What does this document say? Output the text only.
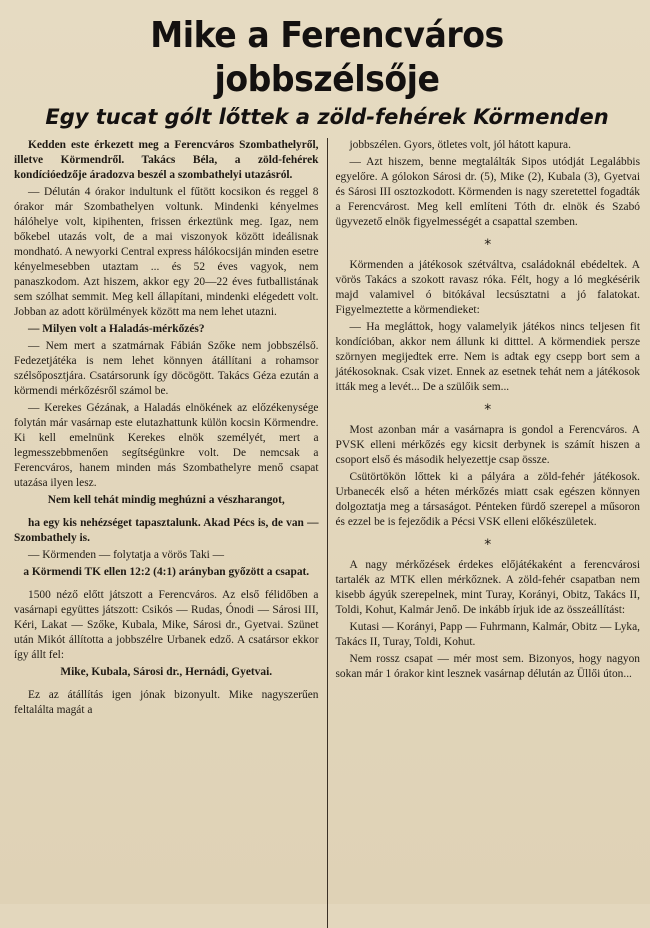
Mike a Ferencváros jobbszélsője
Egy tucat gólt lőttek a zöld-fehérek Körmenden

Kedden este érkezett meg a Ferencváros Szombathelyről, illetve Körmendről. Takács Béla, a zöld-fehérek kondícióedzője áradozva beszél a szombathelyi utazásról.

— Délután 4 órakor indultunk el fűtött kocsikon és reggel 8 órakor már Szombathelyen voltunk. Mindenki kényelmes hálóhelye volt, kipihenten, frissen érkeztünk meg. Igaz, nem bőkebel utazás volt, de a mai viszonyok között ideálisnak mondható. A newyorki Central express hálókocsiján minden esetre kényelmesebben utaztam ... és 52 éves vagyok, nem panaszkodom. Azt hiszem, akkor egy 20—22 éves futballistának sem szólhat semmit. Meg kell állapítani, mindenki elégedett volt. Jobban az adott körülmények között ma nem lehet utazni.

— Milyen volt a Haladás-mérkőzés?

— Nem mert a szatmárnak Fábián Szőke nem jobbszélső. Fedezetjátéka is nem lehet könnyen átállítani a rohamsor szélsőposztjára. Csatársorunk így döcögött. Takács Géza ezután a körmendi mérkőzésről számol be.

— Kerekes Gézának, a Haladás elnökének az előzékenysége folytán már vasárnap este elutazhattunk külön kocsin Körmendre. Ki kell emelnünk Kerekes elnök személyét, mert a legmesszebbmenően segítségünkre volt. De nemcsak a Ferencváros, hanem minden más Szombathelyre menő csapat utazása ilyen lesz.

Nem kell tehát mindig meghúzni a vészharangot,

ha egy kis nehézséget tapasztalunk. Akad Pécs is, de van — Szombathely is.

— Körmenden — folytatja a vörös Taki —

a Körmendi TK ellen 12:2 (4:1) arányban győzött a csapat.

1500 néző előtt játszott a Ferencváros. Az első félidőben a vasárnapi együttes játszott: Csikós — Rudas, Ónodi — Sárosi III, Kéri, Lakat — Szőke, Kubala, Mike, Sárosi dr., Gyetvai. Szünet után Mikót állította a jobbszélre Urbanek edző. A csatársor ekkor így állt fel:

Mike, Kubala, Sárosi dr., Hernádi, Gyetvai.

Ez az átállítás igen jónak bizonyult. Mike nagyszerűen feltalálta magát a

jobbszélen. Gyors, ötletes volt, jól hátott kapura.

— Azt hiszem, benne megtalálták Sipos utódját Legalábbis egyelőre. A gólokon Sárosi dr. (5), Mike (2), Kubala (3), Gyetvai és Sárosi III osztozkodott. Körmenden is nagy szeretettel fogadták a Ferencvárost. Meg kell említeni Tóth dr. elnök és Szabó ügyvezető elnök figyelmességét a csapattal szemben.

*

Körmenden a játékosok szétváltva, családoknál ebédeltek. A vörös Takács a szokott ravasz róka. Félt, hogy a ló megkésérik majd valamivel ó bitókával lecsúsztatni a jó falatokat. Figyelmeztette a körmendieket:

— Ha megláttok, hogy valamelyik játékos nincs teljesen fit kondícióban, akkor nem állunk ki ditttel. A körmendiek persze szörnyen megijedtek erre. Nem is adtak egy csepp bort sem a játékosoknak. Csak vizet. Ennek az esetnek tehát nem a játékosok itták meg a levét... De a szülőik sem...

*

Most azonban már a vasárnapra is gondol a Ferencváros. A PVSK elleni mérkőzés egy kicsit derbynek is számít hiszen a csoport első és második helyezettje csap össze.

Csütörtökön lőttek ki a pályára a zöld-fehér játékosok. Urbanecék első a héten mérkőzés miatt csak egészen könnyen dolgoztatja meg a társaságot. Pénteken fürdő szerepel a műsoron és ezzel be is fejeződik a Pécsi VSK elleni előkészületek.

*

A nagy mérkőzések érdekes előjátékaként a ferencvárosi tartalék az MTK ellen mérkőznek. A zöld-fehér csapatban nem kisebb ágyúk szerepelnek, mint Turay, Korányi, Obitz, Takács II, Toldi, Kohut, Kalmár Jenő. De inkább írjuk ide az összeállítást:

Kutasi — Korányi, Papp — Fuhrmann, Kalmár, Obitz — Lyka, Takács II, Turay, Toldi, Kohut.

Nem rossz csapat — mér most sem. Bizonyos, hogy nagyon sokan már 1 órakor kint lesznek vasárnap délután az Üllői úton...
